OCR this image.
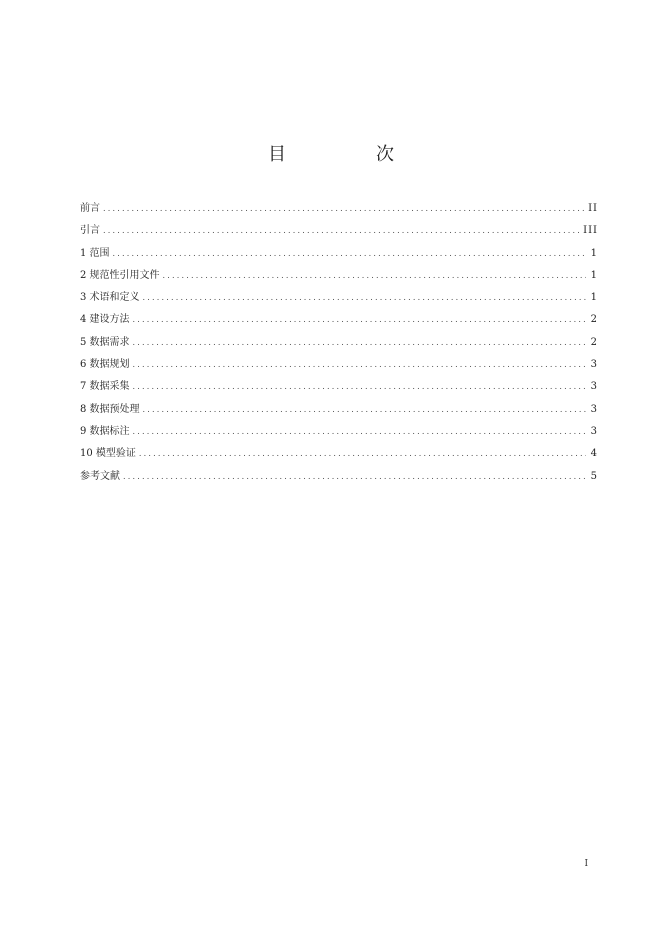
目　次
前言 .....	II
引言 .....	III
1 范围 .....	1
2 规范性引用文件 .....	1
3 术语和定义 .....	1
4 建设方法 .....	2
5 数据需求 .....	2
6 数据规划 .....	3
7 数据采集 .....	3
8 数据预处理 .....	3
9 数据标注 .....	3
10 模型验证 .....	4
参考文献 .....	5
I
